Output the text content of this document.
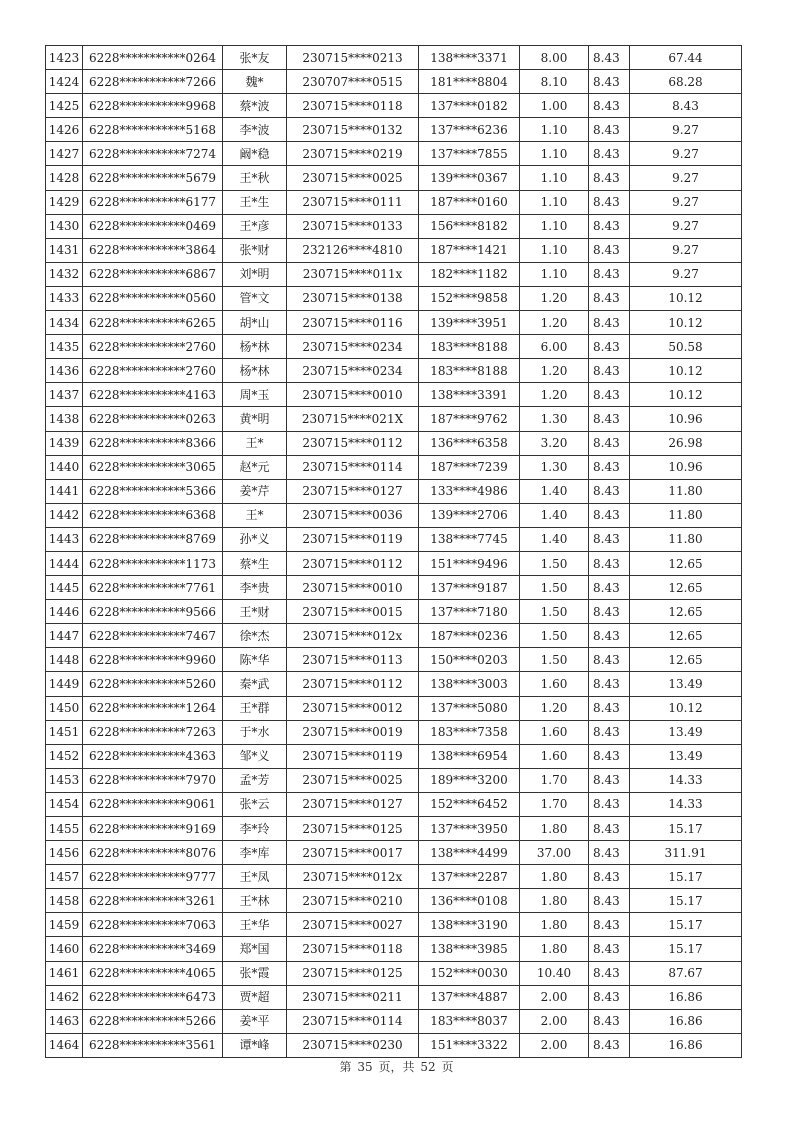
1423	6228***********0264	张*友	230715****0213	138****3371	8.00	8.43	67.44
1424	6228***********7266	魏*	230707****0515	181****8804	8.10	8.43	68.28
1425	6228***********9968	蔡*波	230715****0118	137****0182	1.00	8.43	8.43
1426	6228***********5168	李*波	230715****0132	137****6236	1.10	8.43	9.27
1427	6228***********7274	阚*稳	230715****0219	137****7855	1.10	8.43	9.27
1428	6228***********5679	王*秋	230715****0025	139****0367	1.10	8.43	9.27
1429	6228***********6177	王*生	230715****0111	187****0160	1.10	8.43	9.27
1430	6228***********0469	王*彦	230715****0133	156****8182	1.10	8.43	9.27
1431	6228***********3864	张*财	232126****4810	187****1421	1.10	8.43	9.27
1432	6228***********6867	刘*明	230715****011x	182****1182	1.10	8.43	9.27
1433	6228***********0560	管*文	230715****0138	152****9858	1.20	8.43	10.12
1434	6228***********6265	胡*山	230715****0116	139****3951	1.20	8.43	10.12
1435	6228***********2760	杨*林	230715****0234	183****8188	6.00	8.43	50.58
1436	6228***********2760	杨*林	230715****0234	183****8188	1.20	8.43	10.12
1437	6228***********4163	周*玉	230715****0010	138****3391	1.20	8.43	10.12
1438	6228***********0263	黄*明	230715****021X	187****9762	1.30	8.43	10.96
1439	6228***********8366	王*	230715****0112	136****6358	3.20	8.43	26.98
1440	6228***********3065	赵*元	230715****0114	187****7239	1.30	8.43	10.96
1441	6228***********5366	姜*芹	230715****0127	133****4986	1.40	8.43	11.80
1442	6228***********6368	王*	230715****0036	139****2706	1.40	8.43	11.80
1443	6228***********8769	孙*义	230715****0119	138****7745	1.40	8.43	11.80
1444	6228***********1173	蔡*生	230715****0112	151****9496	1.50	8.43	12.65
1445	6228***********7761	李*贵	230715****0010	137****9187	1.50	8.43	12.65
1446	6228***********9566	王*财	230715****0015	137****7180	1.50	8.43	12.65
1447	6228***********7467	徐*杰	230715****012x	187****0236	1.50	8.43	12.65
1448	6228***********9960	陈*华	230715****0113	150****0203	1.50	8.43	12.65
1449	6228***********5260	秦*武	230715****0112	138****3003	1.60	8.43	13.49
1450	6228***********1264	王*群	230715****0012	137****5080	1.20	8.43	10.12
1451	6228***********7263	于*水	230715****0019	183****7358	1.60	8.43	13.49
1452	6228***********4363	邹*义	230715****0119	138****6954	1.60	8.43	13.49
1453	6228***********7970	孟*芳	230715****0025	189****3200	1.70	8.43	14.33
1454	6228***********9061	张*云	230715****0127	152****6452	1.70	8.43	14.33
1455	6228***********9169	李*玲	230715****0125	137****3950	1.80	8.43	15.17
1456	6228***********8076	李*库	230715****0017	138****4499	37.00	8.43	311.91
1457	6228***********9777	王*凤	230715****012x	137****2287	1.80	8.43	15.17
1458	6228***********3261	王*林	230715****0210	136****0108	1.80	8.43	15.17
1459	6228***********7063	王*华	230715****0027	138****3190	1.80	8.43	15.17
1460	6228***********3469	郑*国	230715****0118	138****3985	1.80	8.43	15.17
1461	6228***********4065	张*霞	230715****0125	152****0030	10.40	8.43	87.67
1462	6228***********6473	贾*超	230715****0211	137****4887	2.00	8.43	16.86
1463	6228***********5266	姜*平	230715****0114	183****8037	2.00	8.43	16.86
1464	6228***********3561	谭*峰	230715****0230	151****3322	2.00	8.43	16.86
第 35 页，共 52 页
